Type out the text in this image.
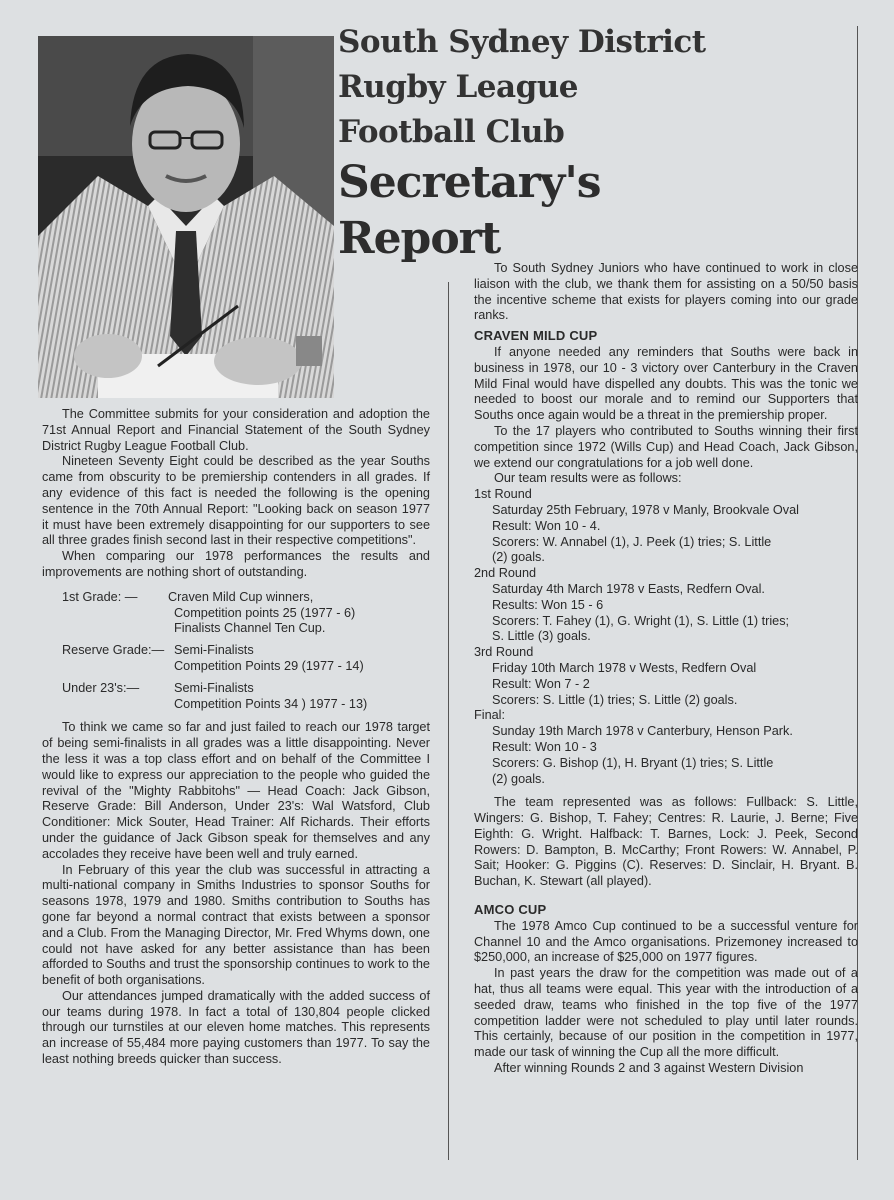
South Sydney District
Rugby League
Football Club
Secretary's
Report

The Committee submits for your consideration and adoption the 71st Annual Report and Financial Statement of the South Sydney District Rugby League Football Club.

Nineteen Seventy Eight could be described as the year Souths came from obscurity to be premiership contenders in all grades. If any evidence of this fact is needed the following is the opening sentence in the 70th Annual Report: "Looking back on season 1977 it must have been extremely disappointing for our supporters to see all three grades finish second last in their respective competitions".

When comparing our 1978 performances the results and improvements are nothing short of outstanding.

1st Grade: —	Craven Mild Cup winners,
Competition points 25 (1977 - 6)
Finalists Channel Ten Cup.
Reserve Grade:— Semi-Finalists
Competition Points 29 (1977 - 14)
Under 23's:—	Semi-Finalists
Competition Points 34 ) 1977 - 13)

To think we came so far and just failed to reach our 1978 target of being semi-finalists in all grades was a little disappointing. Never the less it was a top class effort and on behalf of the Committee I would like to express our appreciation to the people who guided the revival of the "Mighty Rabbitohs" — Head Coach: Jack Gibson, Reserve Grade: Bill Anderson, Under 23's: Wal Watsford, Club Conditioner: Mick Souter, Head Trainer: Alf Richards. Their efforts under the guidance of Jack Gibson speak for themselves and any accolades they receive have been well and truly earned.

In February of this year the club was successful in attracting a multi-national company in Smiths Industries to sponsor Souths for seasons 1978, 1979 and 1980. Smiths contribution to Souths has gone far beyond a normal contract that exists between a sponsor and a Club. From the Managing Director, Mr. Fred Whyms down, one could not have asked for any better assistance than has been afforded to Souths and trust the sponsorship continues to work to the benefit of both organisations.

Our attendances jumped dramatically with the added success of our teams during 1978. In fact a total of 130,804 people clicked through our turnstiles at our eleven home matches. This represents an increase of 55,484 more paying customers than 1977. To say the least nothing breeds quicker than success.

To South Sydney Juniors who have continued to work in close liaison with the club, we thank them for assisting on a 50/50 basis the incentive scheme that exists for players coming into our grade ranks.

CRAVEN MILD CUP

If anyone needed any reminders that Souths were back in business in 1978, our 10 - 3 victory over Canterbury in the Craven Mild Final would have dispelled any doubts. This was the tonic we needed to boost our morale and to remind our Supporters that Souths once again would be a threat in the premiership proper.

To the 17 players who contributed to Souths winning their first competition since 1972 (Wills Cup) and Head Coach, Jack Gibson, we extend our congratulations for a job well done.

Our team results were as follows:

1st Round
Saturday 25th February, 1978 v Manly, Brookvale Oval
Result: Won 10 - 4.
Scorers: W. Annabel (1), J. Peek (1) tries; S. Little
(2) goals.
2nd Round
Saturday 4th March 1978 v Easts, Redfern Oval.
Results: Won 15 - 6
Scorers: T. Fahey (1), G. Wright (1), S. Little (1) tries;
S. Little (3) goals.
3rd Round
Friday 10th March 1978 v Wests, Redfern Oval
Result: Won 7 - 2
Scorers: S. Little (1) tries; S. Little (2) goals.
Final:
Sunday 19th March 1978 v Canterbury, Henson Park.
Result: Won 10 - 3
Scorers: G. Bishop (1), H. Bryant (1) tries; S. Little
(2) goals.

The team represented was as follows: Fullback: S. Little, Wingers: G. Bishop, T. Fahey; Centres: R. Laurie, J. Berne; Five Eighth: G. Wright. Halfback: T. Barnes, Lock: J. Peek, Second Rowers: D. Bampton, B. McCarthy; Front Rowers: W. Annabel, P. Sait; Hooker: G. Piggins (C). Reserves: D. Sinclair, H. Bryant. B. Buchan, K. Stewart (all played).

AMCO CUP

The 1978 Amco Cup continued to be a successful venture for Channel 10 and the Amco organisations. Prizemoney increased to $250,000, an increase of $25,000 on 1977 figures.

In past years the draw for the competition was made out of a hat, thus all teams were equal. This year with the introduction of a seeded draw, teams who finished in the top five of the 1977 competition ladder were not scheduled to play until later rounds. This certainly, because of our position in the competition in 1977, made our task of winning the Cup all the more difficult.

After winning Rounds 2 and 3 against Western Division
